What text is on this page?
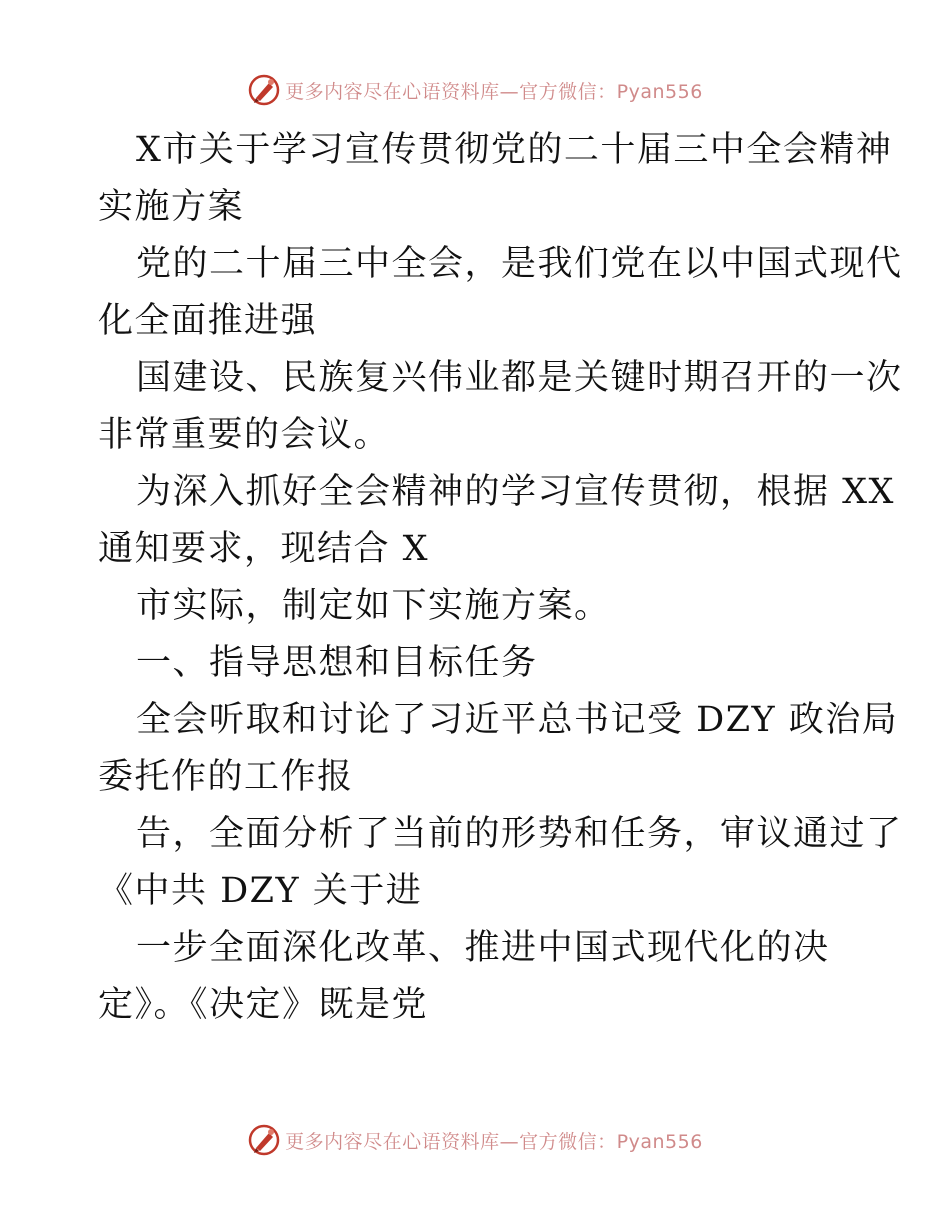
更多内容尽在心语资料库—官方微信：Pyan556
X市关于学习宣传贯彻党的二十届三中全会精神
实施方案
党的二十届三中全会，是我们党在以中国式现代
化全面推进强
国建设、民族复兴伟业都是关键时期召开的一次
非常重要的会议。
为深入抓好全会精神的学习宣传贯彻，根据 XX
通知要求，现结合 X
市实际，制定如下实施方案。
一、指导思想和目标任务
全会听取和讨论了习近平总书记受 DZY 政治局
委托作的工作报
告，全面分析了当前的形势和任务，审议通过了
《中共 DZY 关于进
一步全面深化改革、推进中国式现代化的决
定》。《决定》既是党
更多内容尽在心语资料库—官方微信：Pyan556
